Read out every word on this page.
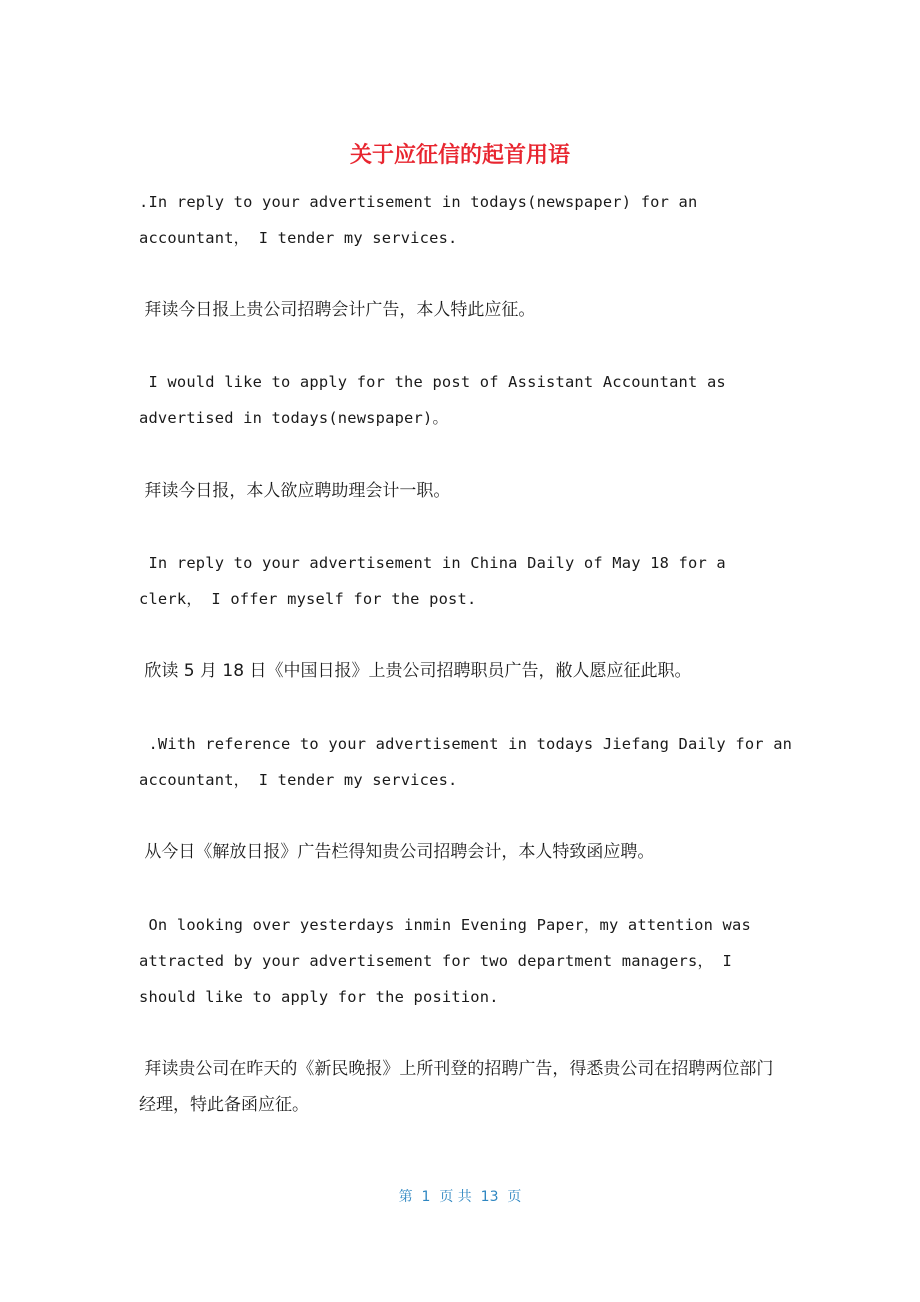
关于应征信的起首用语

.In reply to your advertisement in todays(newspaper) for an
accountant， I tender my services.

拜读今日报上贵公司招聘会计广告，本人特此应征。

I would like to apply for the post of Assistant Accountant as
advertised in todays(newspaper)。

拜读今日报，本人欲应聘助理会计一职。

In reply to your advertisement in China Daily of May 18 for a
clerk， I offer myself for the post.

欣读 5 月 18 日《中国日报》上贵公司招聘职员广告，敝人愿应征此职。

.With reference to your advertisement in todays Jiefang Daily for an
accountant， I tender my services.

从今日《解放日报》广告栏得知贵公司招聘会计，本人特致函应聘。

On looking over yesterdays inmin Evening Paper，my attention was
attracted by your advertisement for two department managers， I
should like to apply for the position.

拜读贵公司在昨天的《新民晚报》上所刊登的招聘广告，得悉贵公司在招聘两位部门经理，特此备函应征。

第  1  页 共  13  页
